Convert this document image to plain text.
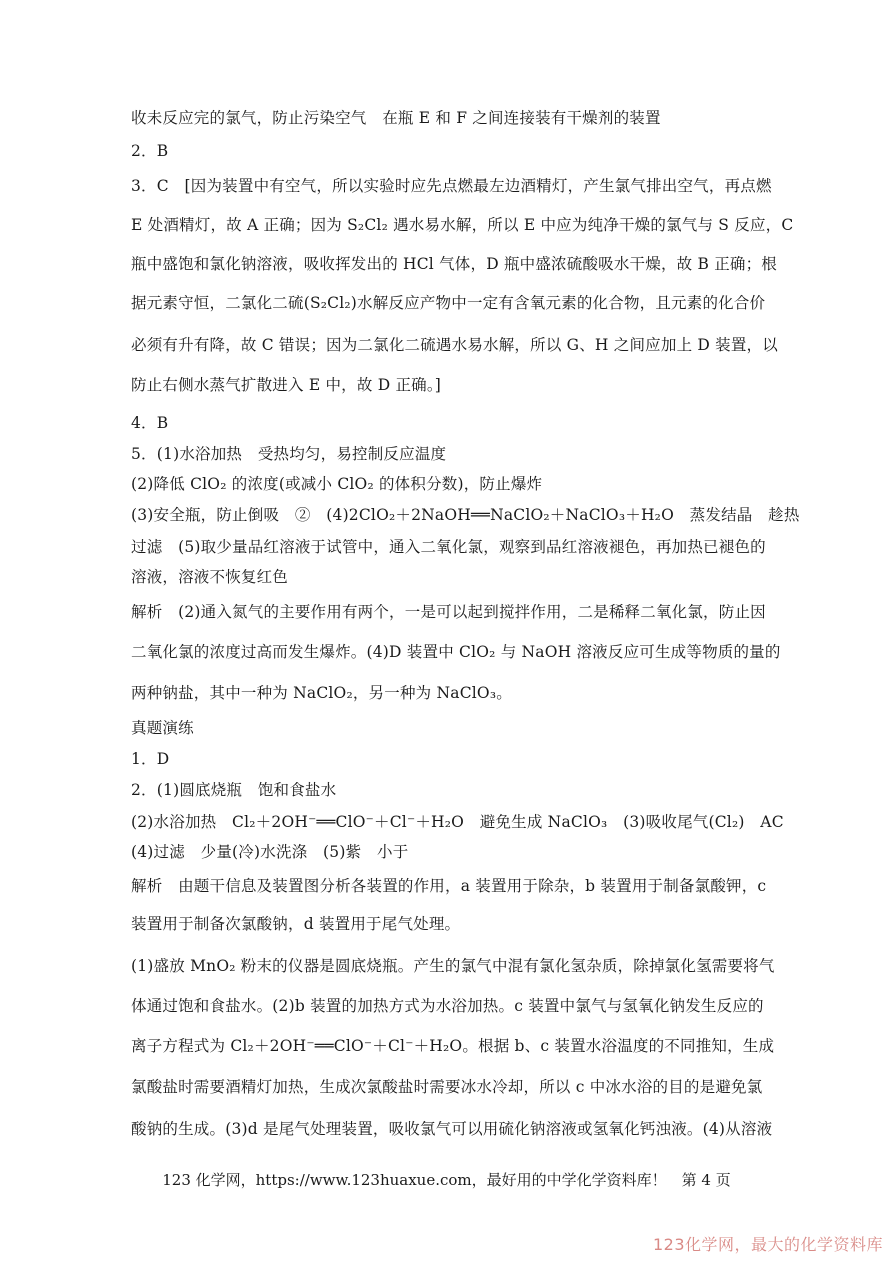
收未反应完的氯气，防止污染空气　在瓶 E 和 F 之间连接装有干燥剂的装置
2．B
3．C　[因为装置中有空气，所以实验时应先点燃最左边酒精灯，产生氯气排出空气，再点燃
E 处酒精灯，故 A 正确；因为 S₂Cl₂ 遇水易水解，所以 E 中应为纯净干燥的氯气与 S 反应，C
瓶中盛饱和氯化钠溶液，吸收挥发出的 HCl 气体，D 瓶中盛浓硫酸吸水干燥，故 B 正确；根
据元素守恒，二氯化二硫(S₂Cl₂)水解反应产物中一定有含氧元素的化合物，且元素的化合价
必须有升有降，故 C 错误；因为二氯化二硫遇水易水解，所以 G、H 之间应加上 D 装置，以
防止右侧水蒸气扩散进入 E 中，故 D 正确。]
4．B
5．(1)水浴加热　受热均匀，易控制反应温度
(2)降低 ClO₂ 的浓度(或减小 ClO₂ 的体积分数)，防止爆炸
(3)安全瓶，防止倒吸　②　(4)2ClO₂＋2NaOH══NaClO₂＋NaClO₃＋H₂O　蒸发结晶　趁热
过滤　(5)取少量品红溶液于试管中，通入二氧化氯，观察到品红溶液褪色，再加热已褪色的
溶液，溶液不恢复红色
解析　(2)通入氮气的主要作用有两个，一是可以起到搅拌作用，二是稀释二氧化氯，防止因
二氧化氯的浓度过高而发生爆炸。(4)D 装置中 ClO₂ 与 NaOH 溶液反应可生成等物质的量的
两种钠盐，其中一种为 NaClO₂，另一种为 NaClO₃。
真题演练
1．D
2．(1)圆底烧瓶　饱和食盐水
(2)水浴加热　Cl₂＋2OH⁻══ClO⁻＋Cl⁻＋H₂O　避免生成 NaClO₃　(3)吸收尾气(Cl₂)　AC
(4)过滤　少量(冷)水洗涤　(5)紫　小于
解析　由题干信息及装置图分析各装置的作用，a 装置用于除杂，b 装置用于制备氯酸钾，c
装置用于制备次氯酸钠，d 装置用于尾气处理。
(1)盛放 MnO₂ 粉末的仪器是圆底烧瓶。产生的氯气中混有氯化氢杂质，除掉氯化氢需要将气
体通过饱和食盐水。(2)b 装置的加热方式为水浴加热。c 装置中氯气与氢氧化钠发生反应的
离子方程式为 Cl₂＋2OH⁻══ClO⁻＋Cl⁻＋H₂O。根据 b、c 装置水浴温度的不同推知，生成
氯酸盐时需要酒精灯加热，生成次氯酸盐时需要冰水冷却，所以 c 中冰水浴的目的是避免氯
酸钠的生成。(3)d 是尾气处理装置，吸收氯气可以用硫化钠溶液或氢氧化钙浊液。(4)从溶液
123 化学网，https://www.123huaxue.com，最好用的中学化学资料库！　第 4 页
123化学网，最大的化学资料库
